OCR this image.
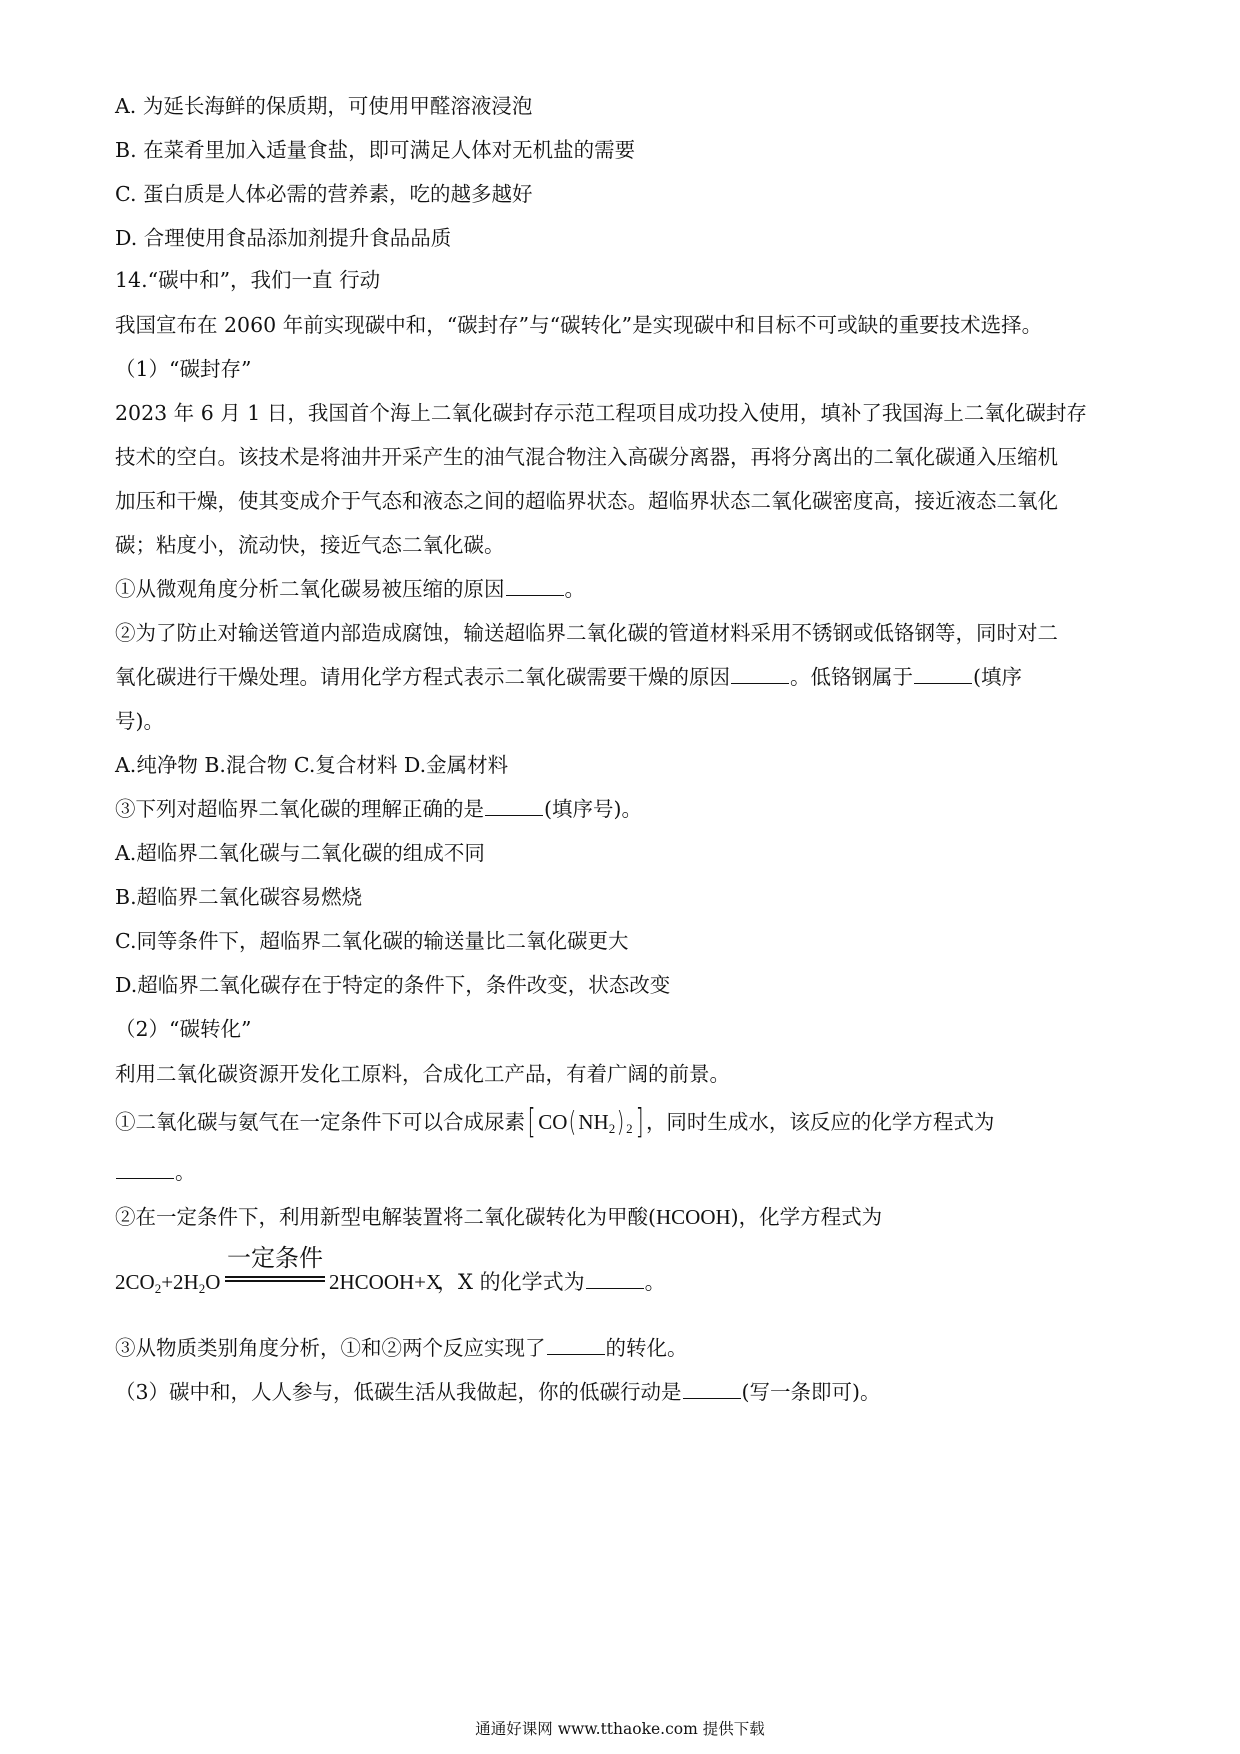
A. 为延长海鲜的保质期，可使用甲醛溶液浸泡
B. 在菜肴里加入适量食盐，即可满足人体对无机盐的需要
C. 蛋白质是人体必需的营养素，吃的越多越好
D. 合理使用食品添加剂提升食品品质
14.“碳中和”，我们一直 行动
我国宣布在 2060 年前实现碳中和，“碳封存”与“碳转化”是实现碳中和目标不可或缺的重要技术选择。
（1）“碳封存”
2023 年 6 月 1 日，我国首个海上二氧化碳封存示范工程项目成功投入使用，填补了我国海上二氧化碳封存
技术的空白。该技术是将油井开采产生的油气混合物注入高碳分离器，再将分离出的二氧化碳通入压缩机
加压和干燥，使其变成介于气态和液态之间的超临界状态。超临界状态二氧化碳密度高，接近液态二氧化
碳；粘度小，流动快，接近气态二氧化碳。
①从微观角度分析二氧化碳易被压缩的原因	。
②为了防止对输送管道内部造成腐蚀，输送超临界二氧化碳的管道材料采用不锈钢或低铬钢等，同时对二
氧化碳进行干燥处理。请用化学方程式表示二氧化碳需要干燥的原因	。低铬钢属于	(填序
号)。
A.纯净物 B.混合物 C.复合材料 D.金属材料
③下列对超临界二氧化碳的理解正确的是	(填序号)。
A.超临界二氧化碳与二氧化碳的组成不同
B.超临界二氧化碳容易燃烧
C.同等条件下，超临界二氧化碳的输送量比二氧化碳更大
D.超临界二氧化碳存在于特定的条件下，条件改变，状态改变
（2）“碳转化”
利用二氧化碳资源开发化工原料，合成化工产品，有着广阔的前景。
①二氧化碳与氨气在一定条件下可以合成尿素[ $CO(NH_2)$ $_2$] ，同时生成水，该反应的化学方程式为
。
②在一定条件下，利用新型电解装置将二氧化碳转化为甲酸(HCOOH)，化学方程式为
$2CO_2+2H_2O$
一定条件
2HCOOH+X
，X 的化学式为	。
③从物质类别角度分析，①和②两个反应实现了	的转化。
（3）碳中和，人人参与，低碳生活从我做起，你的低碳行动是	(写一条即可)。
通通好课网 www.tthaoke.com 提供下载
